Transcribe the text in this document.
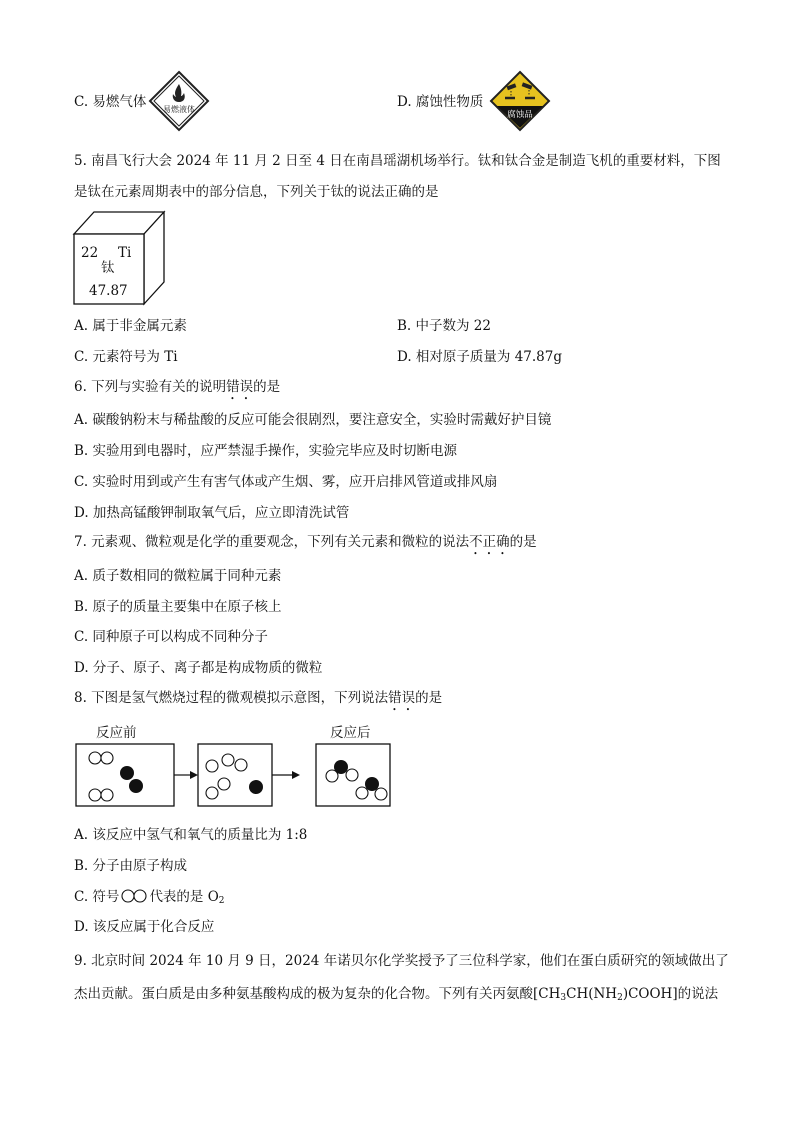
C. 易燃气体 易燃液体	D. 腐蚀性物质
腐蚀品
5. 南昌飞行大会 2024 年 11 月 2 日至 4 日在南昌瑶湖机场举行。钛和钛合金是制造飞机的重要材料，下图
是钛在元素周期表中的部分信息，下列关于钛的说法正确的是
22 Ti
钛
47.87
A. 属于非金属元素	B. 中子数为 22
C. 元素符号为 Ti	D. 相对原子质量为 47.87g
6. 下列与实验有关的说明错误的是
A. 碳酸钠粉末与稀盐酸的反应可能会很剧烈，要注意安全，实验时需戴好护目镜
B. 实验用到电器时，应严禁湿手操作，实验完毕应及时切断电源
C. 实验时用到或产生有害气体或产生烟、雾，应开启排风管道或排风扇
D. 加热高锰酸钾制取氧气后，应立即清洗试管
7. 元素观、微粒观是化学的重要观念，下列有关元素和微粒的说法不正确的是
A. 质子数相同的微粒属于同种元素
B. 原子的质量主要集中在原子核上
C. 同种原子可以构成不同种分子
D. 分子、原子、离子都是构成物质的微粒
8. 下图是氢气燃烧过程的微观模拟示意图，下列说法错误的是
反应前	反应后
A. 该反应中氢气和氧气的质量比为 1:8
B. 分子由原子构成
C. 符号 代表的是 $O_2$
D. 该反应属于化合反应
9. 北京时间 2024 年 10 月 9 日，2024 年诺贝尔化学奖授予了三位科学家，他们在蛋白质研究的领域做出了
杰出贡献。蛋白质是由多种氨基酸构成的极为复杂的化合物。下列有关丙氨酸$[CH_3CH(NH_2)COOH]$的说法
